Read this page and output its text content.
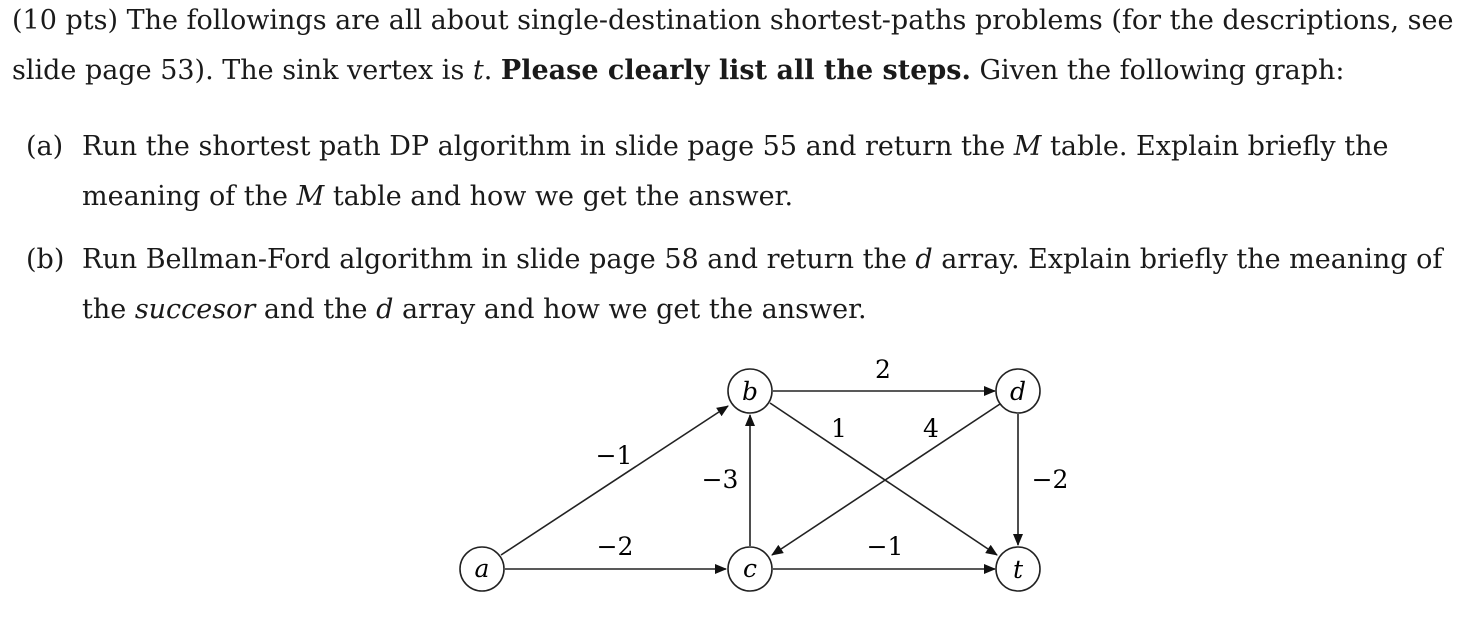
(10 pts) The followings are all about single-destination shortest-paths problems (for the descriptions, see
slide page 53). The sink vertex is t. Please clearly list all the steps. Given the following graph:

(a) Run the shortest path DP algorithm in slide page 55 and return the M table. Explain briefly the
meaning of the M table and how we get the answer.
(b) Run Bellman-Ford algorithm in slide page 58 and return the d array. Explain briefly the meaning of
the succesor and the d array and how we get the answer.
−1
−2
−3
2
1	4
−2
−1
a
b
c
d
t
